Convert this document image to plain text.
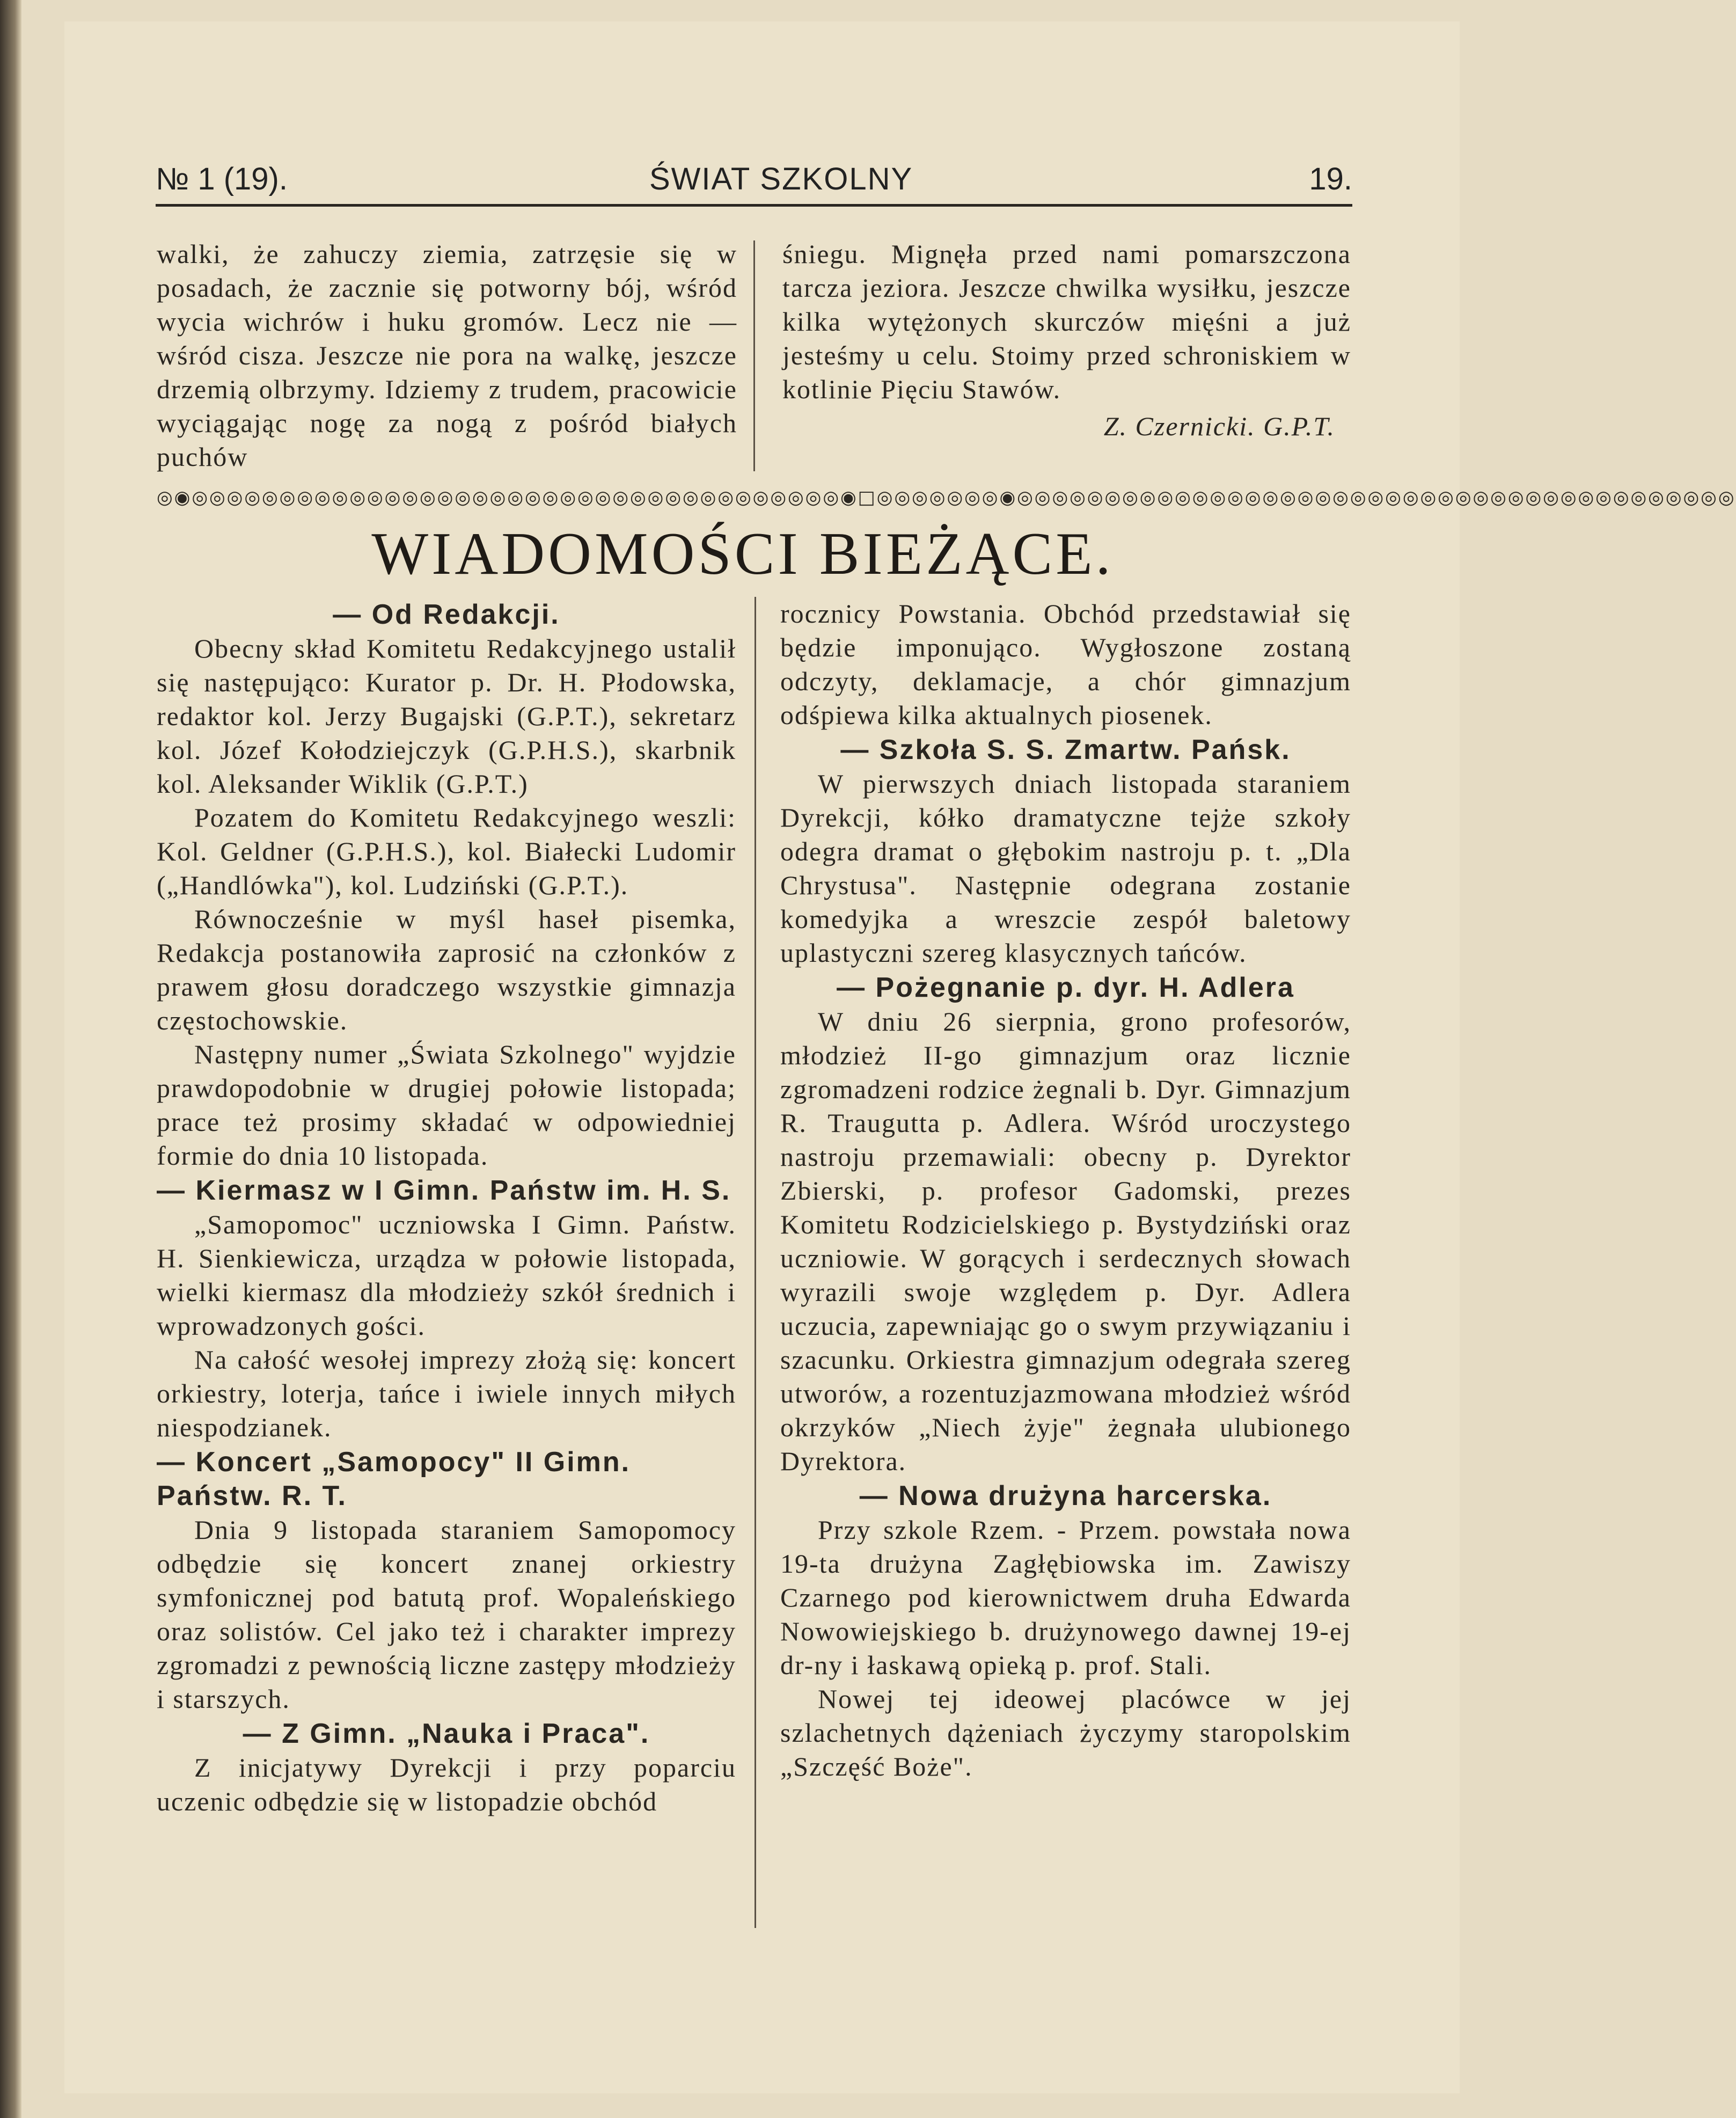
№ 1 (19).	ŚWIAT SZKOLNY	19.

walki, że zahuczy ziemia, zatrzęsie się w posadach, że zacznie się potworny bój, wśród wycia wichrów i huku gromów. Lecz nie — wśród cisza. Jeszcze nie pora na walkę, jeszcze drzemią olbrzymy. Idziemy z trudem, pracowicie wyciągając nogę za nogą z pośród białych puchów

śniegu. Mignęła przed nami pomarszczona tarcza jeziora. Jeszcze chwilka wysiłku, jeszcze kilka wytężonych skurczów mięśni a już jesteśmy u celu. Stoimy przed schroniskiem w kotlinie Pięciu Stawów.

Z. Czernicki. G.P.T.

◎◉◎◎◎◎◎◎◎◎◎◎◎◎◎◎◎◎◎◎◎◎◎◎◎◎◎◎◎◎◎◎◎◎◎◎◎◎◎◉□◎◎◎◎◎◎◎◉◎◎◎◎◎◎◎◎◎◎◎◎◎◎◎◎◎◎◎◎◎◎◎◎◎◎◎◎◎◎◎◎◎◎◎◎◎◎◎◎◎
WIADOMOŚCI BIEŻĄCE.

— Od Redakcji.

Obecny skład Komitetu Redakcyjnego ustalił się następująco: Kurator p. Dr. H. Płodowska, redaktor kol. Jerzy Bugajski (G.P.T.), sekretarz kol. Józef Kołodziejczyk (G.P.H.S.), skarbnik kol. Aleksander Wiklik (G.P.T.)

Pozatem do Komitetu Redakcyjnego weszli: Kol. Geldner (G.P.H.S.), kol. Białecki Ludomir („Handlówka"), kol. Ludziński (G.P.T.).

Równocześnie w myśl haseł pisemka, Redakcja postanowiła zaprosić na członków z prawem głosu doradczego wszystkie gimnazja częstochowskie.

Następny numer „Świata Szkolnego" wyjdzie prawdopodobnie w drugiej połowie listopada; prace też prosimy składać w odpowiedniej formie do dnia 10 listopada.

— Kiermasz w I Gimn. Państw im. H. S.

„Samopomoc" uczniowska I Gimn. Państw. H. Sienkiewicza, urządza w połowie listopada, wielki kiermasz dla młodzieży szkół średnich i wprowadzonych gości.

Na całość wesołej imprezy złożą się: koncert orkiestry, loterja, tańce i iwiele innych miłych niespodzianek.

— Koncert „Samopocy" II Gimn. Państw. R. T.

Dnia 9 listopada staraniem Samopomocy odbędzie się koncert znanej orkiestry symfonicznej pod batutą prof. Wopaleńskiego oraz solistów. Cel jako też i charakter imprezy zgromadzi z pewnością liczne zastępy młodzieży i starszych.

— Z Gimn. „Nauka i Praca".

Z inicjatywy Dyrekcji i przy poparciu uczenic odbędzie się w listopadzie obchód

rocznicy Powstania. Obchód przedstawiał się będzie imponująco. Wygłoszone zostaną odczyty, deklamacje, a chór gimnazjum odśpiewa kilka aktualnych piosenek.

— Szkoła S. S. Zmartw. Pańsk.

W pierwszych dniach listopada staraniem Dyrekcji, kółko dramatyczne tejże szkoły odegra dramat o głębokim nastroju p. t. „Dla Chrystusa". Następnie odegrana zostanie komedyjka a wreszcie zespół baletowy uplastyczni szereg klasycznych tańców.

— Pożegnanie p. dyr. H. Adlera

W dniu 26 sierpnia, grono profesorów, młodzież II-go gimnazjum oraz licznie zgromadzeni rodzice żegnali b. Dyr. Gimnazjum R. Traugutta p. Adlera. Wśród uroczystego nastroju przemawiali: obecny p. Dyrektor Zbierski, p. profesor Gadomski, prezes Komitetu Rodzicielskiego p. Bystydziński oraz uczniowie. W gorących i serdecznych słowach wyrazili swoje względem p. Dyr. Adlera uczucia, zapewniając go o swym przywiązaniu i szacunku. Orkiestra gimnazjum odegrała szereg utworów, a rozentuzjazmowana młodzież wśród okrzyków „Niech żyje" żegnała ulubionego Dyrektora.

— Nowa drużyna harcerska.

Przy szkole Rzem. - Przem. powstała nowa 19-ta drużyna Zagłębiowska im. Zawiszy Czarnego pod kierownictwem druha Edwarda Nowowiejskiego b. drużynowego dawnej 19-ej dr-ny i łaskawą opieką p. prof. Stali.

Nowej tej ideowej placówce w jej szlachetnych dążeniach życzymy staropolskim „Szczęść Boże".
